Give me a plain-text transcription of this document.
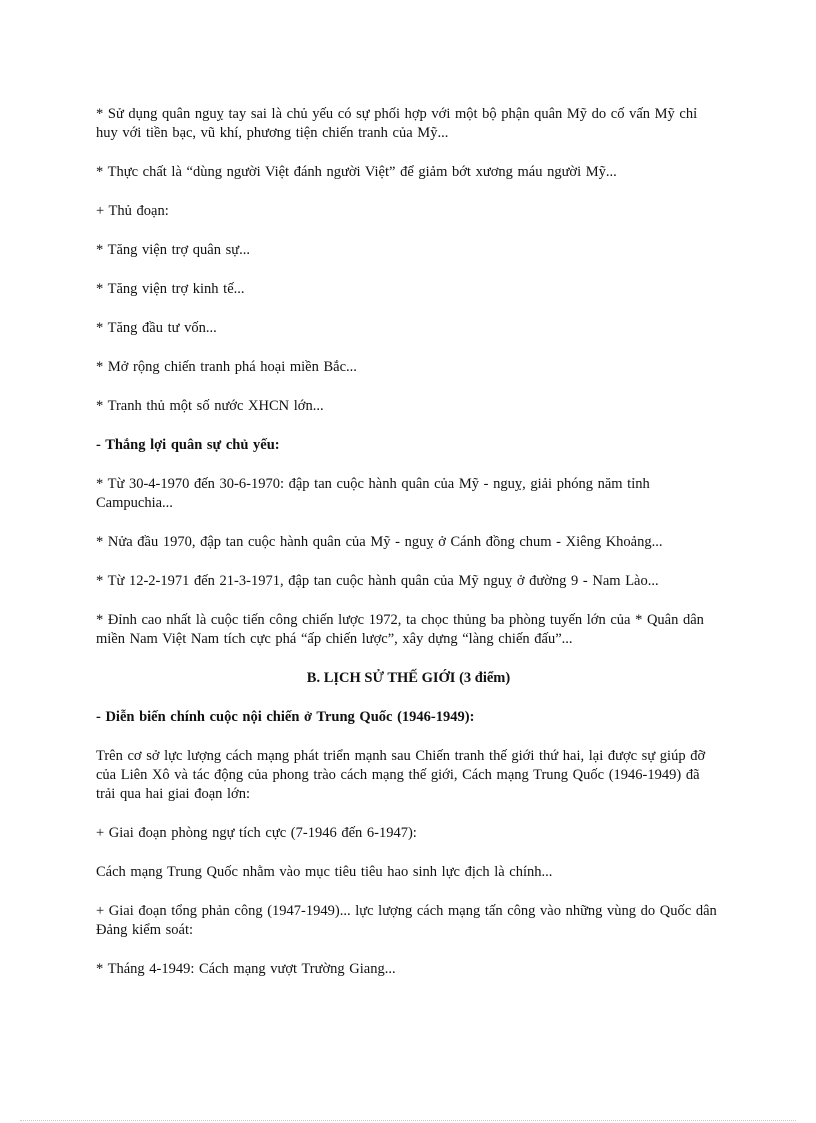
* Sử dụng quân nguỵ tay sai là chủ yếu có sự phối hợp với một bộ phận quân Mỹ do cố vấn Mỹ chỉ huy với tiền bạc, vũ khí, phương tiện chiến tranh của Mỹ...

* Thực chất là “dùng người Việt đánh người Việt” để giảm bớt xương máu người Mỹ...

+ Thủ đoạn:

* Tăng viện trợ quân sự...

* Tăng viện trợ kinh tế...

* Tăng đầu tư vốn...

* Mở rộng chiến tranh phá hoại miền Bắc...

* Tranh thủ một số nước XHCN lớn...

- Thắng lợi quân sự chủ yếu:

* Từ 30-4-1970 đến 30-6-1970: đập tan cuộc hành quân của Mỹ - nguỵ, giải phóng năm tỉnh Campuchia...

* Nửa đầu 1970, đập tan cuộc hành quân của Mỹ - nguỵ ở Cánh đồng chum - Xiêng Khoảng...

* Từ 12-2-1971 đến 21-3-1971, đập tan cuộc hành quân của Mỹ nguỵ ở đường 9 - Nam Lào...

* Đỉnh cao nhất là cuộc tiến công chiến lược 1972, ta chọc thủng ba phòng tuyến lớn của * Quân dân miền Nam Việt Nam tích cực phá “ấp chiến lược”, xây dựng “làng chiến đấu”...

B. LỊCH SỬ THẾ GIỚI (3 điểm)

- Diễn biến chính cuộc nội chiến ở Trung Quốc (1946-1949):

Trên cơ sở lực lượng cách mạng phát triển mạnh sau Chiến tranh thế giới thứ hai, lại được sự giúp đỡ của Liên Xô và tác động của phong trào cách mạng thế giới, Cách mạng Trung Quốc (1946-1949) đã trải qua hai giai đoạn lớn:

+ Giai đoạn phòng ngự tích cực (7-1946 đến 6-1947):

Cách mạng Trung Quốc nhằm vào mục tiêu tiêu hao sinh lực địch là chính...

+ Giai đoạn tổng phản công (1947-1949)... lực lượng cách mạng tấn công vào những vùng do Quốc dân Đảng kiểm soát:

* Tháng 4-1949: Cách mạng vượt Trường Giang...
